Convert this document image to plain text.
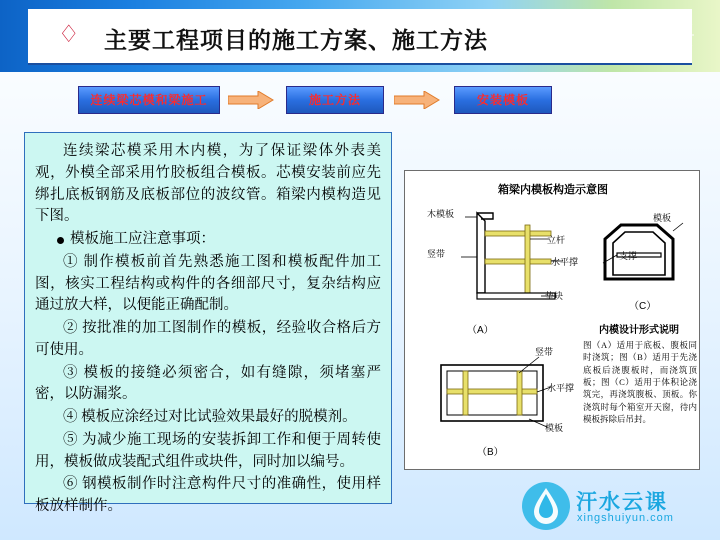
♢ 主要工程项目的施工方案、施工方法
连续梁芯模和梁施工	施工方法	安装模板

连续梁芯模采用木内模，为了保证梁体外表美观，外模全部采用竹胶板组合模板。芯模安装前应先绑扎底板钢筋及底板部位的波纹管。箱梁内模构造见下图。

模板施工应注意事项：

① 制作模板前首先熟悉施工图和模板配件加工图，核实工程结构或构件的各细部尺寸，复杂结构应通过放大样，以便能正确配制。

② 按批准的加工图制作的模板，经验收合格后方可使用。

③ 模板的接缝必须密合，如有缝隙，须堵塞严密，以防漏浆。

④ 模板应涂经过对比试验效果最好的脱模剂。

⑤ 为减少施工现场的安装拆卸工作和便于周转使用，模板做成装配式组件或块件，同时加以编号。

⑥ 钢模板制作时注意构件尺寸的准确性，使用样板放样制作。

箱梁内模板构造示意图
木模板
竖带
立杆
水平撑
垫块
（A）
模板
支撑
（C）
内模设计形式说明
图（A）适用于底板、腹板同时浇筑；图（B）适用于先浇底板后浇腹板时，而浇筑顶板；图（C）适用于体积论浇筑完，再浇筑腹板、顶板。你浇筑时每个箱室开天窗，待内模板拆除后吊封。
竖带
水平撑
模板
（B）
汗水云课
xingshuiyun.com
